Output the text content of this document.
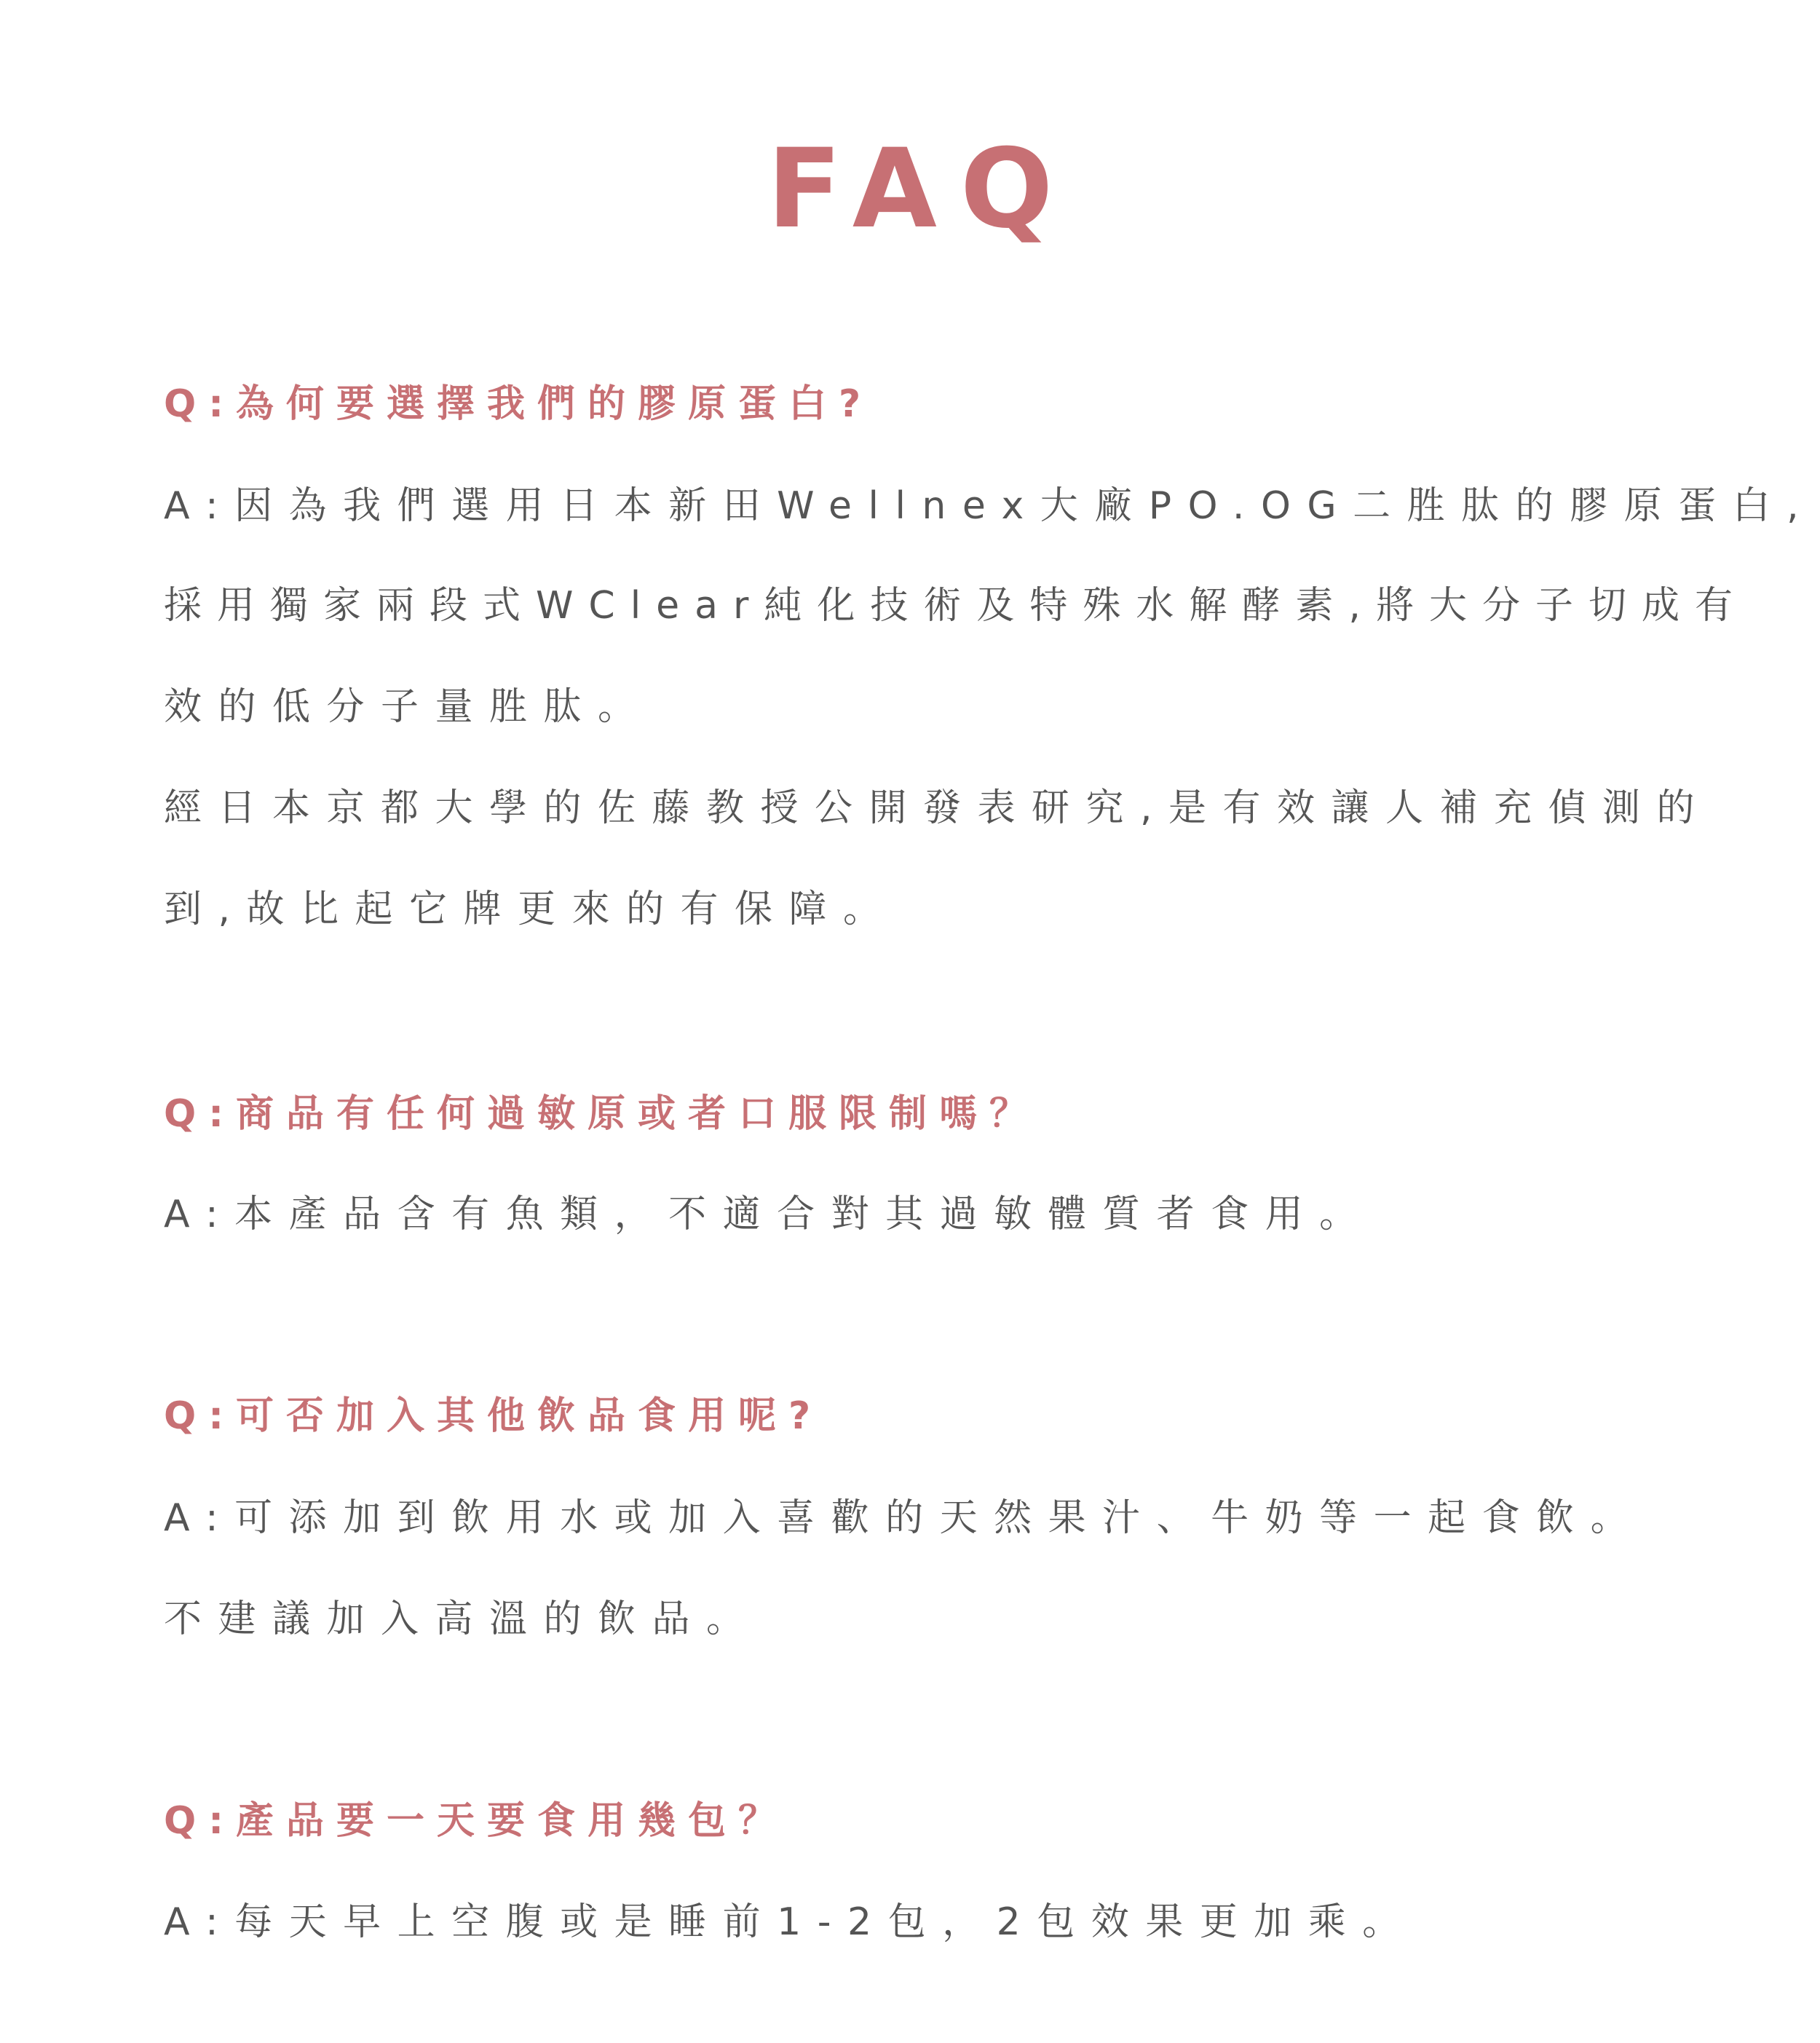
FAQ
Q:為何要選擇我們的膠原蛋白?
A:因為我們選用日本新田Wellnex大廠PO.OG二胜肽的膠原蛋白,
採用獨家兩段式WClear純化技術及特殊水解酵素,將大分子切成有
效的低分子量胜肽。
經日本京都大學的佐藤教授公開發表研究,是有效讓人補充偵測的
到,故比起它牌更來的有保障。
Q:商品有任何過敏原或者口服限制嗎？
A:本產品含有魚類，不適合對其過敏體質者食用。
Q:可否加入其他飲品食用呢?
A:可添加到飲用水或加入喜歡的天然果汁、牛奶等一起食飲。
不建議加入高溫的飲品。
Q:產品要一天要食用幾包？
A:每天早上空腹或是睡前1-2包，2包效果更加乘。
